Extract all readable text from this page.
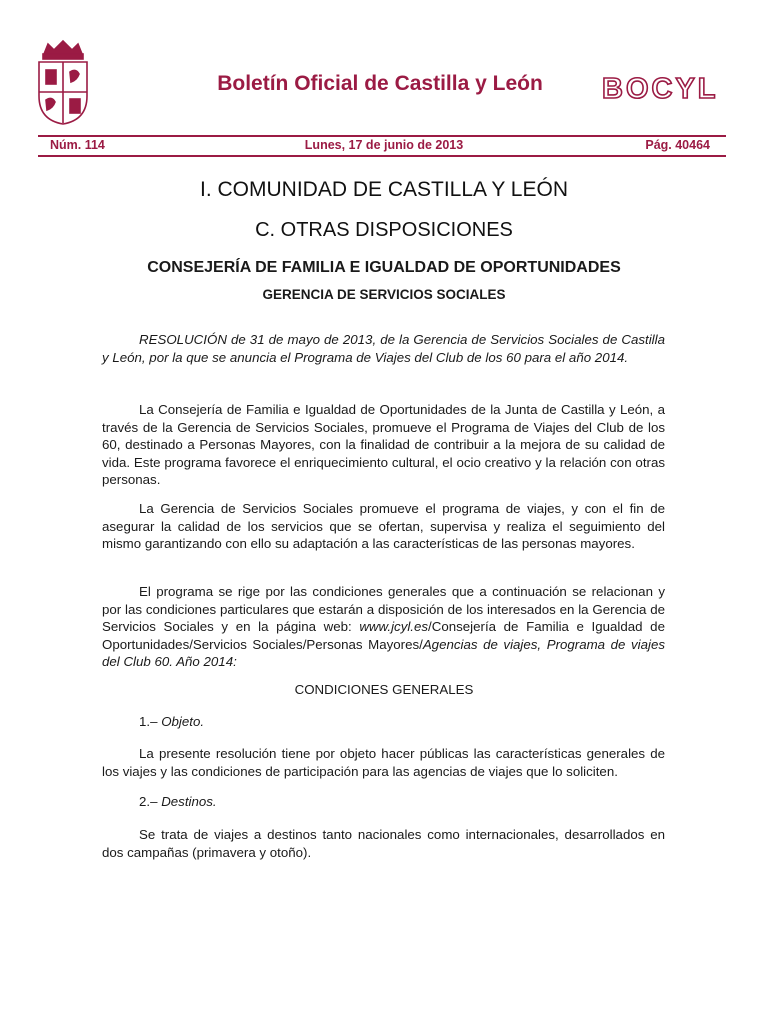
Boletín Oficial de Castilla y León	BOCYL
Núm. 114	Lunes, 17 de junio de 2013	Pág. 40464
I. COMUNIDAD DE CASTILLA Y LEÓN
C. OTRAS DISPOSICIONES
CONSEJERÍA DE FAMILIA E IGUALDAD DE OPORTUNIDADES
GERENCIA DE SERVICIOS SOCIALES
RESOLUCIÓN de 31 de mayo de 2013, de la Gerencia de Servicios Sociales de Castilla y León, por la que se anuncia el Programa de Viajes del Club de los 60 para el año 2014.
La Consejería de Familia e Igualdad de Oportunidades de la Junta de Castilla y León, a través de la Gerencia de Servicios Sociales, promueve el Programa de Viajes del Club de los 60, destinado a Personas Mayores, con la finalidad de contribuir a la mejora de su calidad de vida. Este programa favorece el enriquecimiento cultural, el ocio creativo y la relación con otras personas.
La Gerencia de Servicios Sociales promueve el programa de viajes, y con el fin de asegurar la calidad de los servicios que se ofertan, supervisa y realiza el seguimiento del mismo garantizando con ello su adaptación a las características de las personas mayores.
El programa se rige por las condiciones generales que a continuación se relacionan y por las condiciones particulares que estarán a disposición de los interesados en la Gerencia de Servicios Sociales y en la página web: www.jcyl.es/Consejería de Familia e Igualdad de Oportunidades/Servicios Sociales/Personas Mayores/Agencias de viajes, Programa de viajes del Club 60. Año 2014:
CONDICIONES GENERALES
1.– Objeto.
La presente resolución tiene por objeto hacer públicas las características generales de los viajes y las condiciones de participación para las agencias de viajes que lo soliciten.
2.– Destinos.
Se trata de viajes a destinos tanto nacionales como internacionales, desarrollados en dos campañas (primavera y otoño).
